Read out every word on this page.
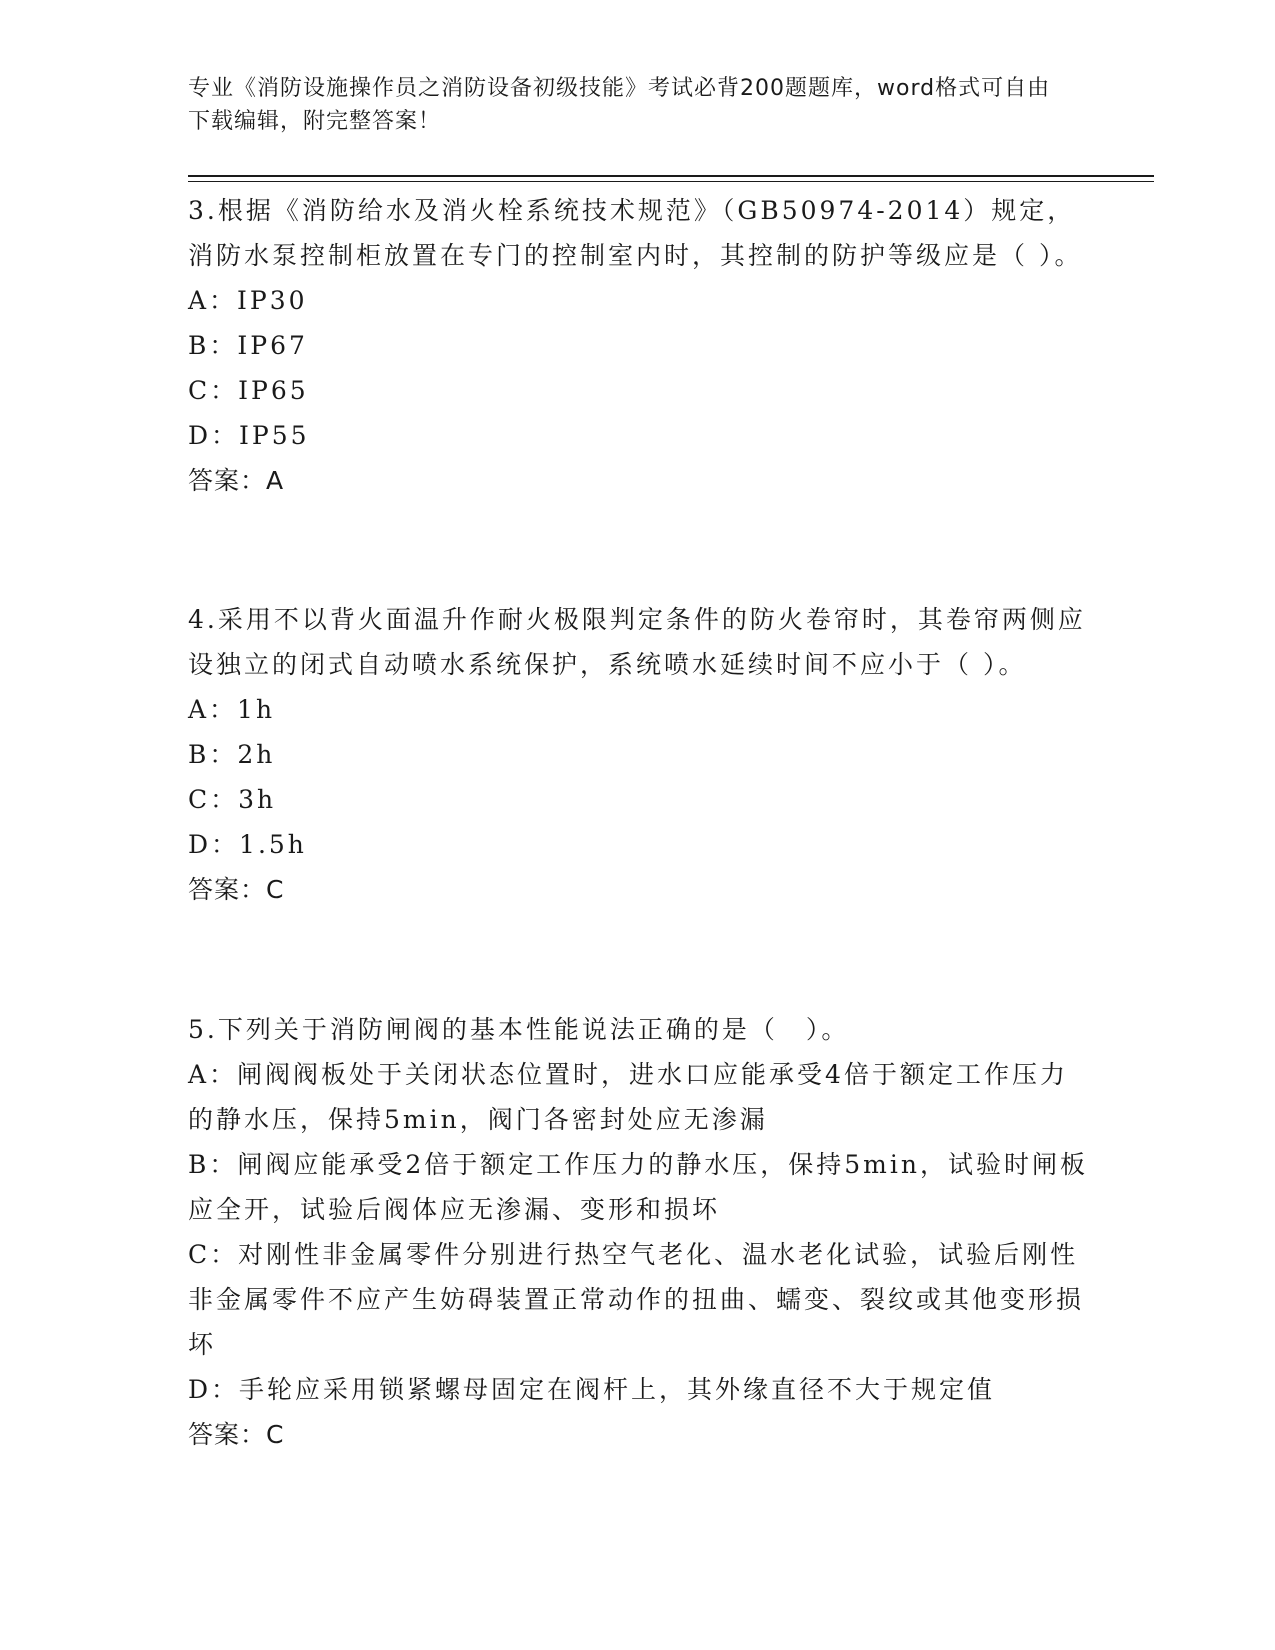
专业《消防设施操作员之消防设备初级技能》考试必背200题题库，word格式可自由下载编辑，附完整答案！

3.根据《消防给水及消火栓系统技术规范》（GB50974-2014）规定，消防水泵控制柜放置在专门的控制室内时，其控制的防护等级应是（ ）。

A：IP30

B：IP67

C：IP65

D：IP55

答案：A

4.采用不以背火面温升作耐火极限判定条件的防火卷帘时，其卷帘两侧应设独立的闭式自动喷水系统保护，系统喷水延续时间不应小于（ ）。

A：1h

B：2h

C：3h

D：1.5h

答案：C

5.下列关于消防闸阀的基本性能说法正确的是（　）。

A：闸阀阀板处于关闭状态位置时，进水口应能承受4倍于额定工作压力的静水压，保持5min，阀门各密封处应无渗漏

B：闸阀应能承受2倍于额定工作压力的静水压，保持5min，试验时闸板应全开，试验后阀体应无渗漏、变形和损坏

C：对刚性非金属零件分别进行热空气老化、温水老化试验，试验后刚性非金属零件不应产生妨碍装置正常动作的扭曲、蠕变、裂纹或其他变形损坏

D：手轮应采用锁紧螺母固定在阀杆上，其外缘直径不大于规定值

答案：C
